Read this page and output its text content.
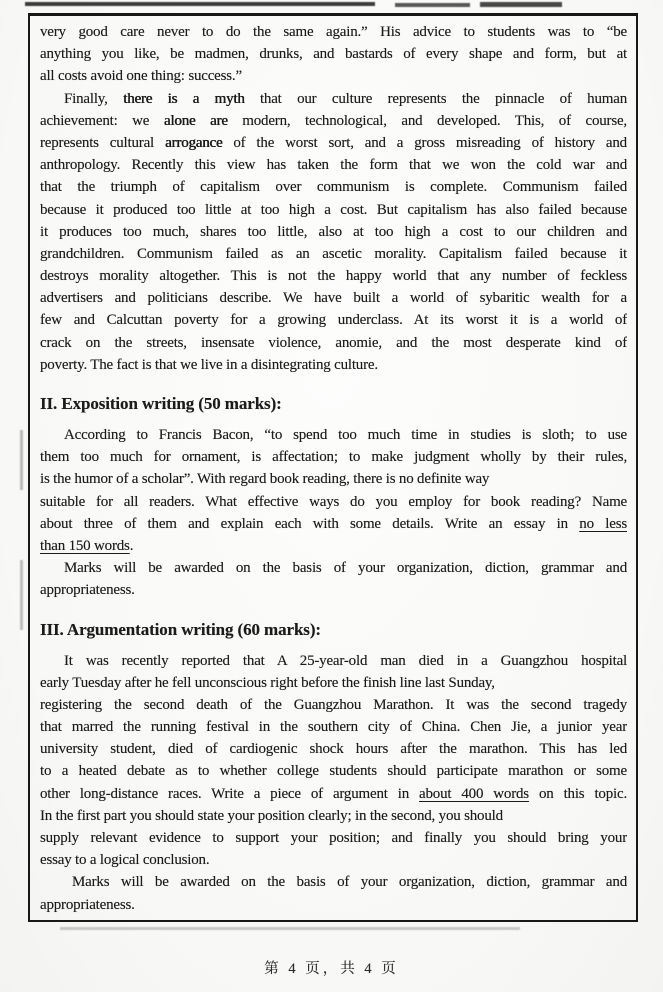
very good care never to do the same again.” His advice to students was to “be
anything you like, be madmen, drunks, and bastards of every shape and form, but at
all costs avoid one thing: success.”
Finally, there is a myth that our culture represents the pinnacle of human
achievement: we alone are modern, technological, and developed. This, of course,
represents cultural arrogance of the worst sort, and a gross misreading of history and
anthropology. Recently this view has taken the form that we won the cold war and
that the triumph of capitalism over communism is complete. Communism failed
because it produced too little at too high a cost. But capitalism has also failed because
it produces too much, shares too little, also at too high a cost to our children and
grandchildren. Communism failed as an ascetic morality. Capitalism failed because it
destroys morality altogether. This is not the happy world that any number of feckless
advertisers and politicians describe. We have built a world of sybaritic wealth for a
few and Calcuttan poverty for a growing underclass. At its worst it is a world of
crack on the streets, insensate violence, anomie, and the most desperate kind of
poverty. The fact is that we live in a disintegrating culture.
II. Exposition writing (50 marks):
According to Francis Bacon, “to spend too much time in studies is sloth; to use
them too much for ornament, is affectation; to make judgment wholly by their rules,
is the humor of a scholar”. With regard book reading, there is no definite way
suitable for all readers. What effective ways do you employ for book reading? Name
about three of them and explain each with some details. Write an essay in no less
than 150 words.
Marks will be awarded on the basis of your organization, diction, grammar and
appropriateness.
III. Argumentation writing (60 marks):
It was recently reported that A 25-year-old man died in a Guangzhou hospital
early Tuesday after he fell unconscious right before the finish line last Sunday,
registering the second death of the Guangzhou Marathon. It was the second tragedy
that marred the running festival in the southern city of China. Chen Jie, a junior year
university student, died of cardiogenic shock hours after the marathon. This has led
to a heated debate as to whether college students should participate marathon or some
other long-distance races. Write a piece of argument in about 400 words on this topic.
In the first part you should state your position clearly; in the second, you should
supply relevant evidence to support your position; and finally you should bring your
essay to a logical conclusion.
Marks will be awarded on the basis of your organization, diction, grammar and
appropriateness.
第 4 页，共 4 页
